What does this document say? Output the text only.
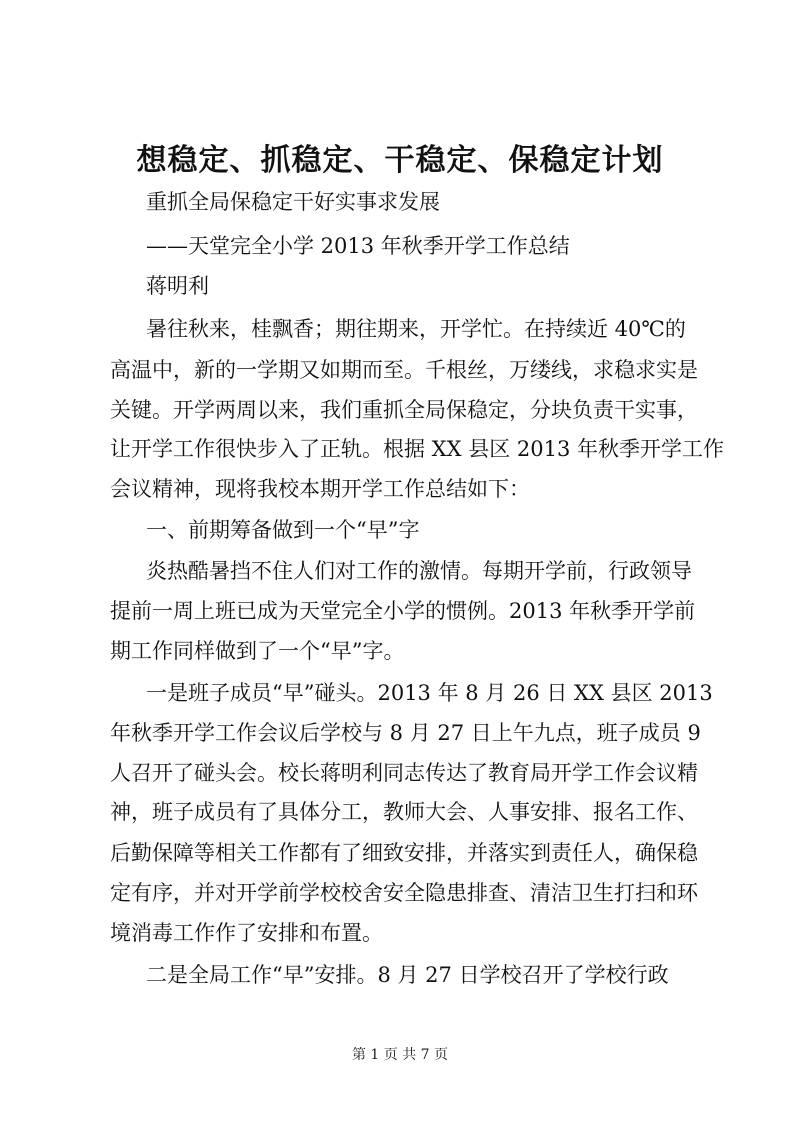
想稳定、抓稳定、干稳定、保稳定计划
重抓全局保稳定干好实事求发展
——天堂完全小学 2013 年秋季开学工作总结
蒋明利
暑往秋来，桂飘香；期往期来，开学忙。在持续近 40℃的
高温中，新的一学期又如期而至。千根丝，万缕线，求稳求实是
关键。开学两周以来，我们重抓全局保稳定，分块负责干实事，
让开学工作很快步入了正轨。根据 XX 县区 2013 年秋季开学工作
会议精神，现将我校本期开学工作总结如下：
一、前期筹备做到一个“早”字
炎热酷暑挡不住人们对工作的激情。每期开学前，行政领导
提前一周上班已成为天堂完全小学的惯例。2013 年秋季开学前
期工作同样做到了一个“早”字。
一是班子成员“早”碰头。2013 年 8 月 26 日 XX 县区 2013
年秋季开学工作会议后学校与 8 月 27 日上午九点，班子成员 9
人召开了碰头会。校长蒋明利同志传达了教育局开学工作会议精
神，班子成员有了具体分工，教师大会、人事安排、报名工作、
后勤保障等相关工作都有了细致安排，并落实到责任人，确保稳
定有序，并对开学前学校校舍安全隐患排查、清洁卫生打扫和环
境消毒工作作了安排和布置。
二是全局工作“早”安排。8 月 27 日学校召开了学校行政
第 1 页 共 7 页
